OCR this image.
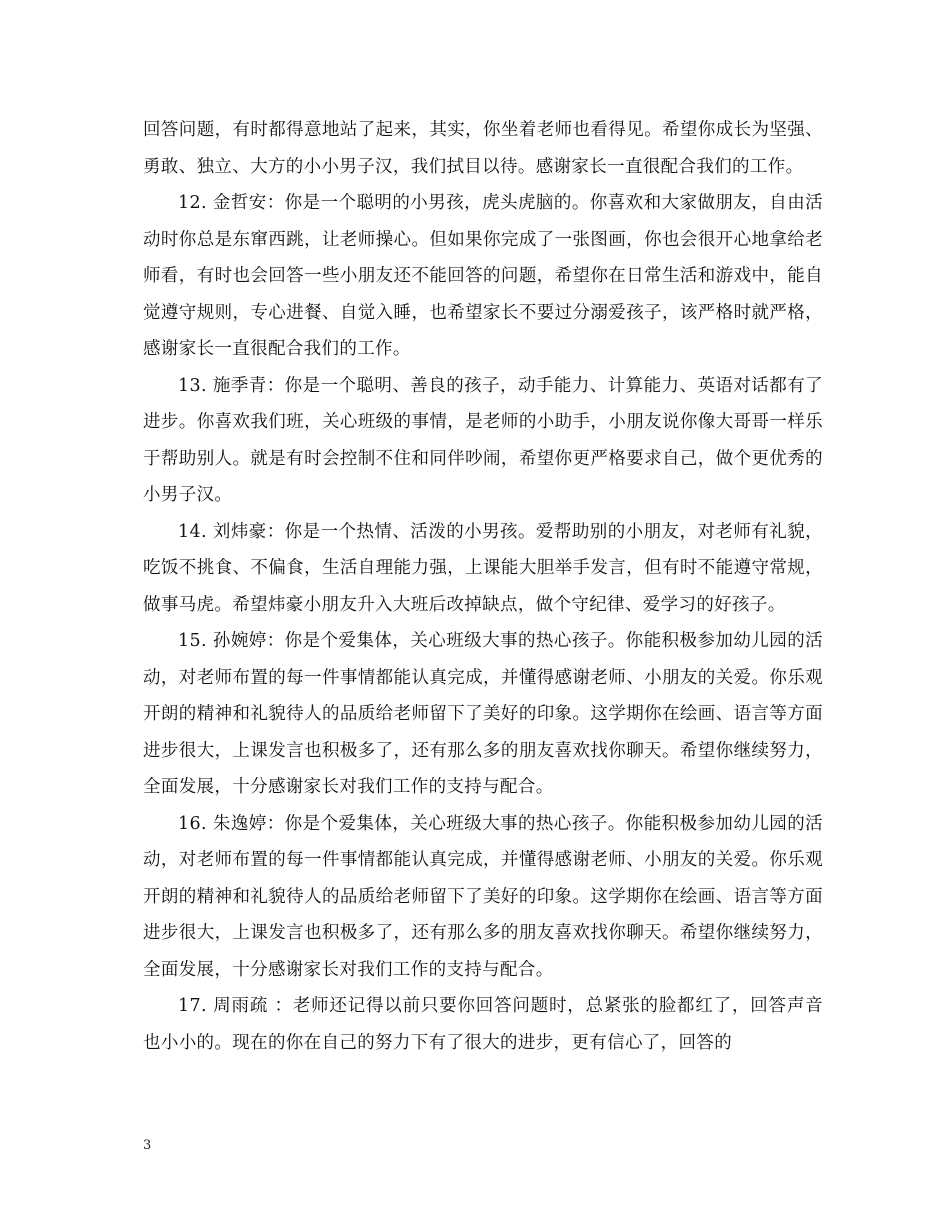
回答问题，有时都得意地站了起来，其实，你坐着老师也看得见。希望你成长为坚强、勇敢、独立、大方的小小男子汉，我们拭目以待。感谢家长一直很配合我们的工作。

12. 金哲安：你是一个聪明的小男孩，虎头虎脑的。你喜欢和大家做朋友，自由活动时你总是东窜西跳，让老师操心。但如果你完成了一张图画，你也会很开心地拿给老师看，有时也会回答一些小朋友还不能回答的问题，希望你在日常生活和游戏中，能自觉遵守规则，专心进餐、自觉入睡，也希望家长不要过分溺爱孩子，该严格时就严格，感谢家长一直很配合我们的工作。

13. 施季青：你是一个聪明、善良的孩子，动手能力、计算能力、英语对话都有了进步。你喜欢我们班，关心班级的事情，是老师的小助手，小朋友说你像大哥哥一样乐于帮助别人。就是有时会控制不住和同伴吵闹，希望你更严格要求自己，做个更优秀的小男子汉。

14. 刘炜豪：你是一个热情、活泼的小男孩。爱帮助别的小朋友，对老师有礼貌，吃饭不挑食、不偏食，生活自理能力强，上课能大胆举手发言，但有时不能遵守常规，做事马虎。希望炜豪小朋友升入大班后改掉缺点，做个守纪律、爱学习的好孩子。

15. 孙婉婷：你是个爱集体，关心班级大事的热心孩子。你能积极参加幼儿园的活动，对老师布置的每一件事情都能认真完成，并懂得感谢老师、小朋友的关爱。你乐观开朗的精神和礼貌待人的品质给老师留下了美好的印象。这学期你在绘画、语言等方面进步很大，上课发言也积极多了，还有那么多的朋友喜欢找你聊天。希望你继续努力，全面发展，十分感谢家长对我们工作的支持与配合。

16. 朱逸婷：你是个爱集体，关心班级大事的热心孩子。你能积极参加幼儿园的活动，对老师布置的每一件事情都能认真完成，并懂得感谢老师、小朋友的关爱。你乐观开朗的精神和礼貌待人的品质给老师留下了美好的印象。这学期你在绘画、语言等方面进步很大，上课发言也积极多了，还有那么多的朋友喜欢找你聊天。希望你继续努力，全面发展，十分感谢家长对我们工作的支持与配合。

17. 周雨疏 ：老师还记得以前只要你回答问题时，总紧张的脸都红了，回答声音也小小的。现在的你在自己的努力下有了很大的进步，更有信心了，回答的

3
